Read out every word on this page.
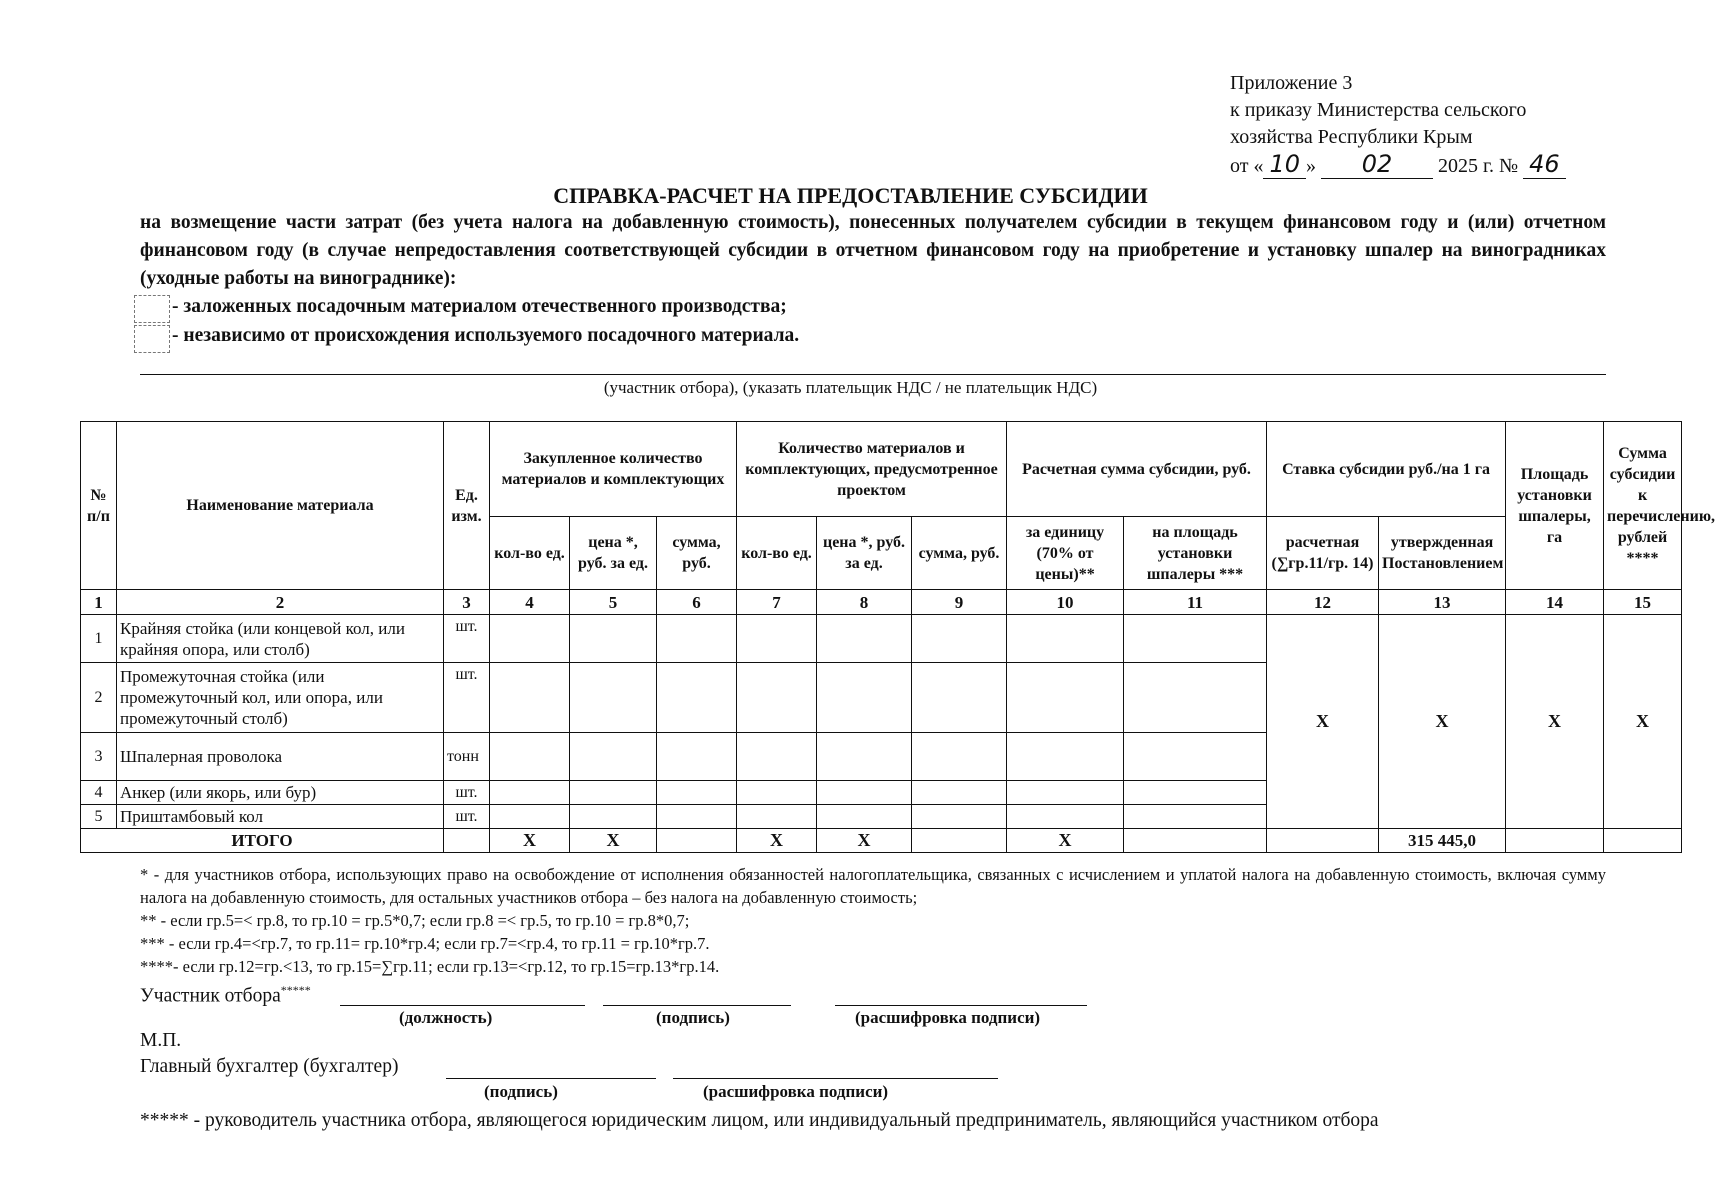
Приложение 3
к приказу Министерства сельского
хозяйства Республики Крым
от « 10 » 02 2025 г. № 46
СПРАВКА-РАСЧЕТ НА ПРЕДОСТАВЛЕНИЕ СУБСИДИИ
на возмещение части затрат (без учета налога на добавленную стоимость), понесенных получателем субсидии в текущем финансовом году и (или) отчетном финансовом году (в случае непредоставления соответствующей субсидии в отчетном финансовом году на приобретение и установку шпалер на виноградниках (уходные работы на винограднике):
- заложенных посадочным материалом отечественного производства;
- независимо от происхождения используемого посадочного материала.
(участник отбора), (указать плательщик НДС / не плательщик НДС)
№ п/п	Наименование материала	Ед. изм.	Закупленное количество материалов и комплектующих			Количество материалов и комплектующих, предусмотренное проектом			Расчетная сумма субсидии, руб.		Ставка субсидии руб./на 1 га		Площадь установки шпалеры, га	Сумма субсидии к перечислению, рублей ****
			кол-во ед.	цена *, руб. за ед.	сумма, руб.	кол-во ед.	цена *, руб. за ед.	сумма, руб.	за единицу (70% от цены)**	на площадь установки шпалеры ***	расчетная (∑гр.11/гр. 14)	утвержденная Постановлением		
1	2	3	4	5	6	7	8	9	10	11	12	13	14	15
1	Крайняя стойка (или концевой кол, или крайняя опора, или столб)	шт.									X	X	X	X
2	Промежуточная стойка (или промежуточный кол, или опора, или промежуточный столб)	шт.												
3	Шпалерная проволока	тонн												
4	Анкер (или якорь, или бур)	шт.												
5	Приштамбовый кол	шт.												
ИТОГО			X	X		X	X		X			315 445,0		
* - для участников отбора, использующих право на освобождение от исполнения обязанностей налогоплательщика, связанных с исчислением и уплатой налога на добавленную стоимость, включая сумму налога на добавленную стоимость, для остальных участников отбора – без налога на добавленную стоимость;
** - если гр.5=< гр.8, то гр.10 = гр.5*0,7; если гр.8 =< гр.5, то гр.10 = гр.8*0,7;
*** - если гр.4=<гр.7, то гр.11= гр.10*гр.4; если гр.7=<гр.4, то гр.11 = гр.10*гр.7.
****- если гр.12=гр.<13, то гр.15=∑гр.11; если гр.13=<гр.12, то гр.15=гр.13*гр.14.
Участник отбора*****
(должность)	(подпись)	(расшифровка подписи)
М.П.
Главный бухгалтер (бухгалтер)
(подпись)	(расшифровка подписи)
***** - руководитель участника отбора, являющегося юридическим лицом, или индивидуальный предприниматель, являющийся участником отбора
